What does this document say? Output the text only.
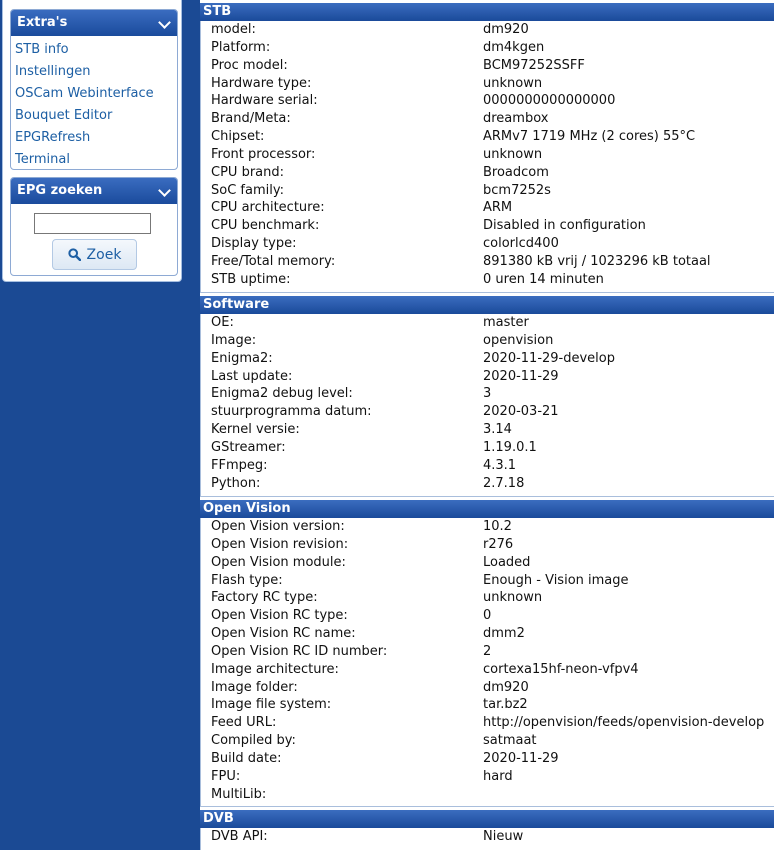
Extra's
STB info
Instellingen
OSCam Webinterface
Bouquet Editor
EPGRefresh
Terminal
EPG zoeken
Zoek
STB
model:	dm920
Platform:	dm4kgen
Proc model:	BCM97252SSFF
Hardware type:	unknown
Hardware serial:	0000000000000000
Brand/Meta:	dreambox
Chipset:	ARMv7 1719 MHz (2 cores) 55°C
Front processor:	unknown
CPU brand:	Broadcom
SoC family:	bcm7252s
CPU architecture:	ARM
CPU benchmark:	Disabled in configuration
Display type:	colorlcd400
Free/Total memory:	891380 kB vrij / 1023296 kB totaal
STB uptime:	0 uren 14 minuten
Software
OE:	master
Image:	openvision
Enigma2:	2020-11-29-develop
Last update:	2020-11-29
Enigma2 debug level:	3
stuurprogramma datum:	2020-03-21
Kernel versie:	3.14
GStreamer:	1.19.0.1
FFmpeg:	4.3.1
Python:	2.7.18
Open Vision
Open Vision version:	10.2
Open Vision revision:	r276
Open Vision module:	Loaded
Flash type:	Enough - Vision image
Factory RC type:	unknown
Open Vision RC type:	0
Open Vision RC name:	dmm2
Open Vision RC ID number:	2
Image architecture:	cortexa15hf-neon-vfpv4
Image folder:	dm920
Image file system:	tar.bz2
Feed URL:	http://openvision/feeds/openvision-develop
Compiled by:	satmaat
Build date:	2020-11-29
FPU:	hard
MultiLib:
DVB
DVB API:	Nieuw
